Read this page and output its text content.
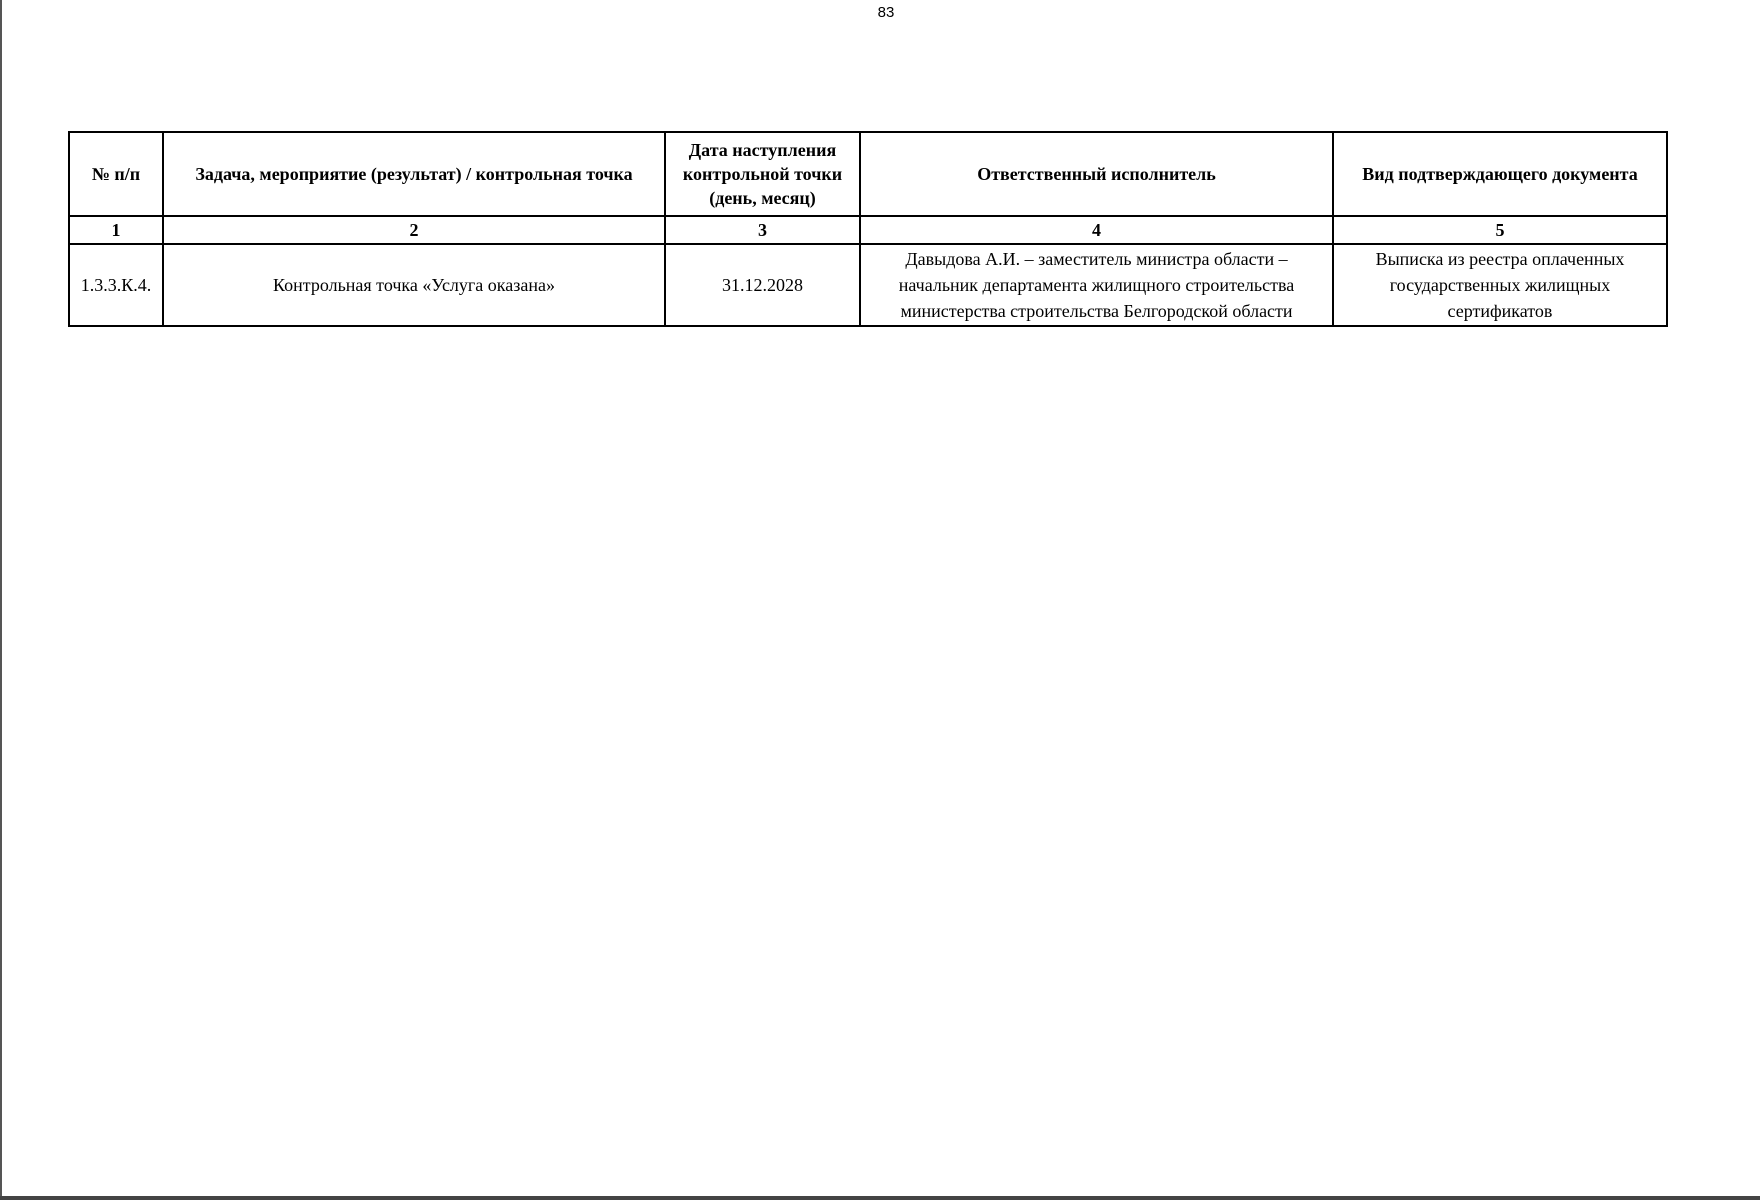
83
№ п/п	Задача, мероприятие (результат) / контрольная точка	Дата наступления контрольной точки (день, месяц)	Ответственный исполнитель	Вид подтверждающего документа
1	2	3	4	5
1.3.3.К.4.	Контрольная точка «Услуга оказана»	31.12.2028	Давыдова А.И. – заместитель министра области – начальник департамента жилищного строительства министерства строительства Белгородской области	Выписка из реестра оплаченных государственных жилищных сертификатов
